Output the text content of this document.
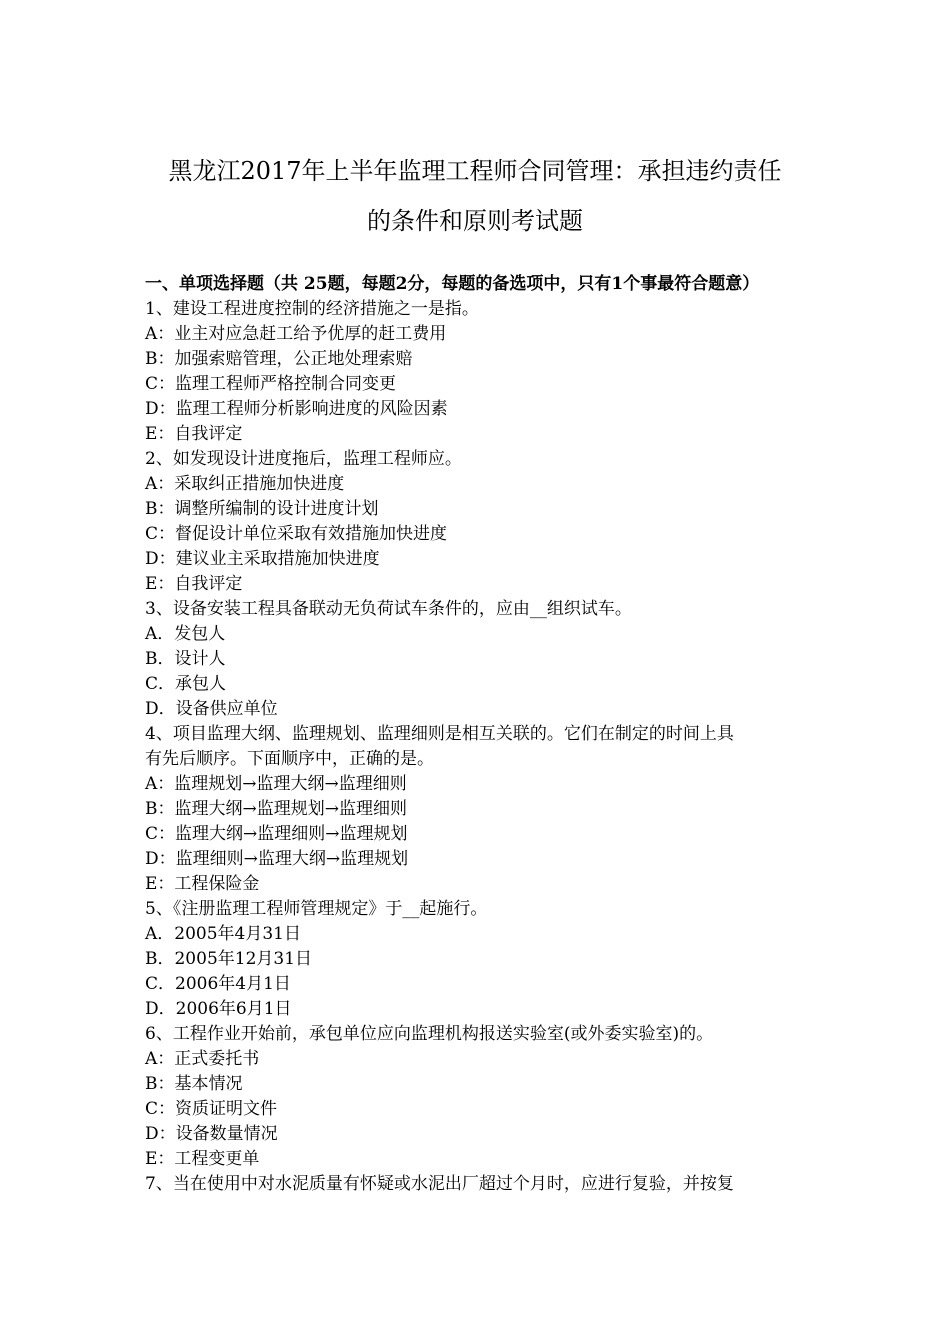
黑龙江2017年上半年监理工程师合同管理：承担违约责任
的条件和原则考试题

一、单项选择题（共 25题，每题2分，每题的备选项中，只有1个事最符合题意）

1、建设工程进度控制的经济措施之一是指。

A：业主对应急赶工给予优厚的赶工费用

B：加强索赔管理，公正地处理索赔

C：监理工程师严格控制合同变更

D：监理工程师分析影响进度的风险因素

E：自我评定

2、如发现设计进度拖后，监理工程师应。

A：采取纠正措施加快进度

B：调整所编制的设计进度计划

C：督促设计单位采取有效措施加快进度

D：建议业主采取措施加快进度

E：自我评定

3、设备安装工程具备联动无负荷试车条件的，应由__组织试车。

A．发包人

B．设计人

C．承包人

D．设备供应单位

4、项目监理大纲、监理规划、监理细则是相互关联的。它们在制定的时间上具

有先后顺序。下面顺序中，正确的是。

A：监理规划→监理大纲→监理细则

B：监理大纲→监理规划→监理细则

C：监理大纲→监理细则→监理规划

D：监理细则→监理大纲→监理规划

E：工程保险金

5、《注册监理工程师管理规定》于__起施行。

A．2005年4月31日

B．2005年12月31日

C．2006年4月1日

D．2006年6月1日

6、工程作业开始前，承包单位应向监理机构报送实验室(或外委实验室)的。

A：正式委托书

B：基本情况

C：资质证明文件

D：设备数量情况

E：工程变更单

7、当在使用中对水泥质量有怀疑或水泥出厂超过个月时，应进行复验，并按复
